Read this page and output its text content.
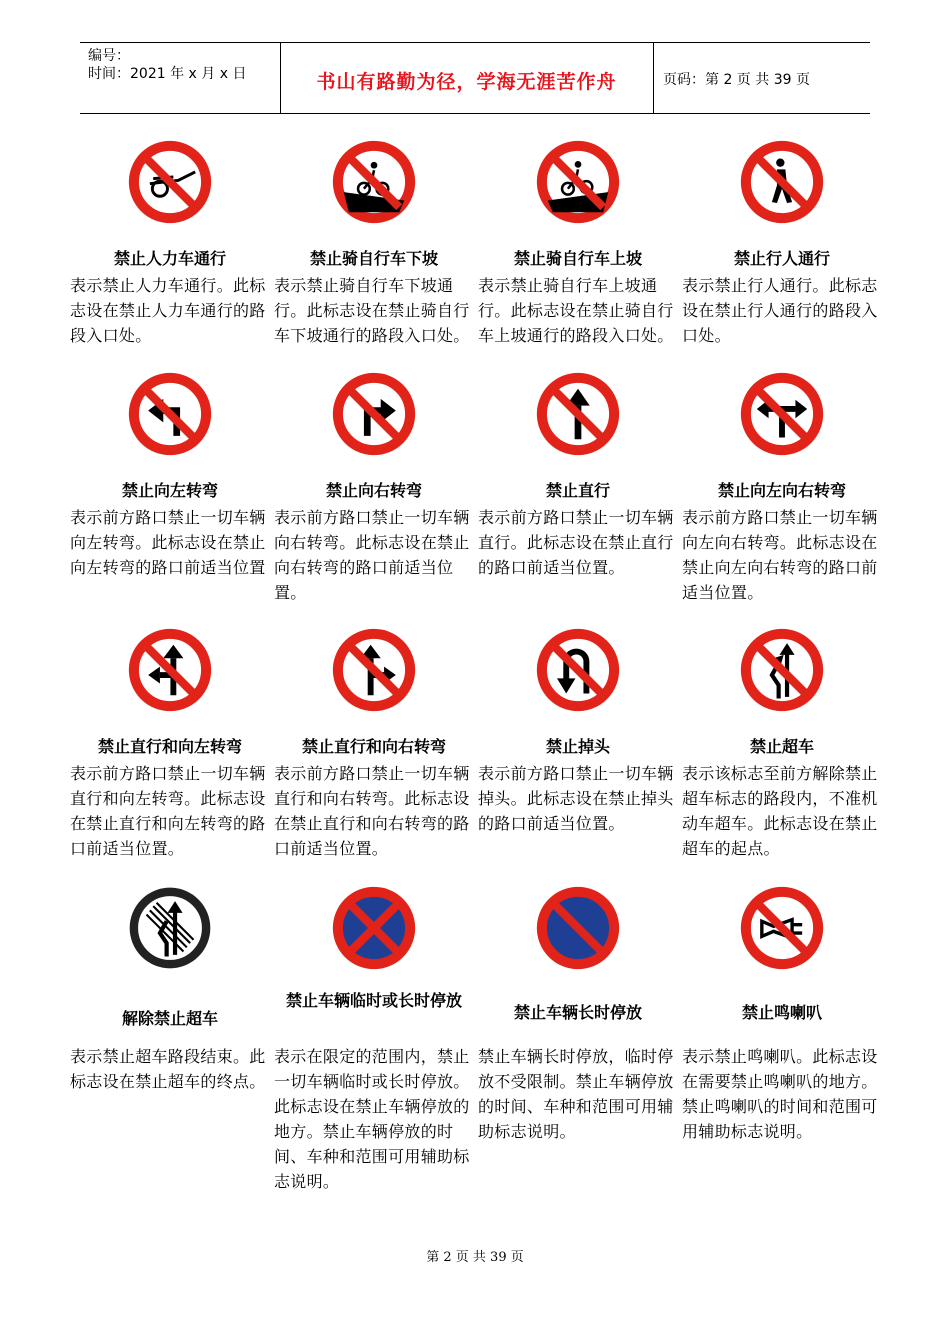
编号：
时间：2021 年 x 月 x 日	书山有路勤为径，学海无涯苦作舟	页码：第 2 页 共 39 页
禁止人力车通行
表示禁止人力车通行。此标志设在禁止人力车通行的路段入口处。
禁止骑自行车下坡
表示禁止骑自行车下坡通行。此标志设在禁止骑自行车下坡通行的路段入口处。
禁止骑自行车上坡
表示禁止骑自行车上坡通行。此标志设在禁止骑自行车上坡通行的路段入口处。
禁止行人通行
表示禁止行人通行。此标志设在禁止行人通行的路段入口处。
禁止向左转弯
表示前方路口禁止一切车辆向左转弯。此标志设在禁止向左转弯的路口前适当位置
禁止向右转弯
表示前方路口禁止一切车辆向右转弯。此标志设在禁止向右转弯的路口前适当位置。
禁止直行
表示前方路口禁止一切车辆直行。此标志设在禁止直行的路口前适当位置。
禁止向左向右转弯
表示前方路口禁止一切车辆向左向右转弯。此标志设在禁止向左向右转弯的路口前适当位置。
禁止直行和向左转弯
表示前方路口禁止一切车辆直行和向左转弯。此标志设在禁止直行和向左转弯的路口前适当位置。
禁止直行和向右转弯
表示前方路口禁止一切车辆直行和向右转弯。此标志设在禁止直行和向右转弯的路口前适当位置。
禁止掉头
表示前方路口禁止一切车辆掉头。此标志设在禁止掉头的路口前适当位置。
禁止超车
表示该标志至前方解除禁止超车标志的路段内，不准机动车超车。此标志设在禁止超车的起点。
解除禁止超车
表示禁止超车路段结束。此标志设在禁止超车的终点。
禁止车辆临时或长时停放
表示在限定的范围内，禁止一切车辆临时或长时停放。此标志设在禁止车辆停放的地方。禁止车辆停放的时间、车种和范围可用辅助标志说明。
禁止车辆长时停放
禁止车辆长时停放，临时停放不受限制。禁止车辆停放的时间、车种和范围可用辅助标志说明。
禁止鸣喇叭
表示禁止鸣喇叭。此标志设在需要禁止鸣喇叭的地方。禁止鸣喇叭的时间和范围可用辅助标志说明。
第 2 页 共 39 页
